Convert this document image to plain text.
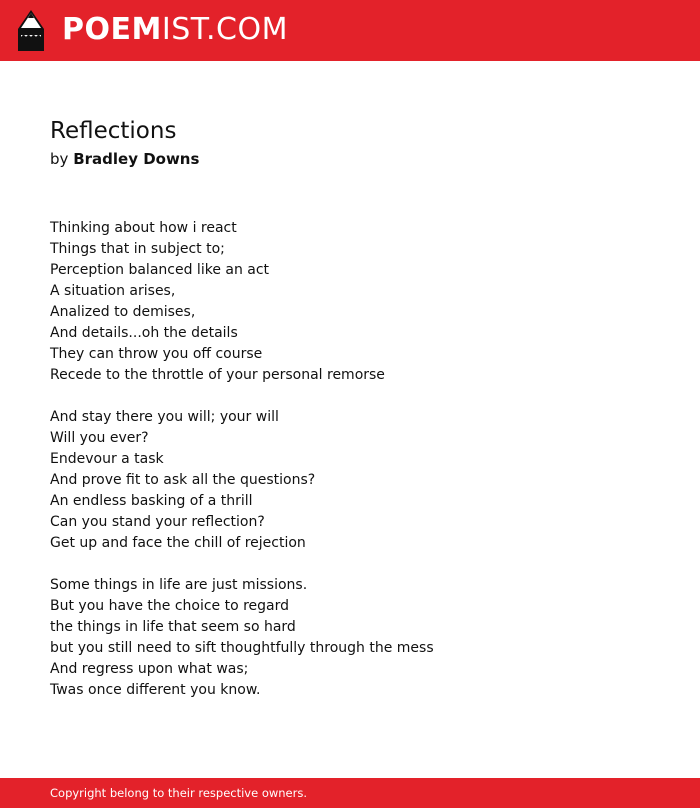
POEMIST.COM
Reflections
by Bradley Downs
Thinking about how i react
Things that in subject to;
Perception balanced like an act
A situation arises,
Analized to demises,
And details...oh the details
They can throw you off course
Recede to the throttle of your personal remorse
And stay there you will; your will
Will you ever?
Endevour a task
And prove fit to ask all the questions?
An endless basking of a thrill
Can you stand your reflection?
Get up and face the chill of rejection
Some things in life are just missions.
But you have the choice to regard
the things in life that seem so hard
but you still need to sift thoughtfully through the mess
And regress upon what was;
Twas once different you know.
Copyright belong to their respective owners.
